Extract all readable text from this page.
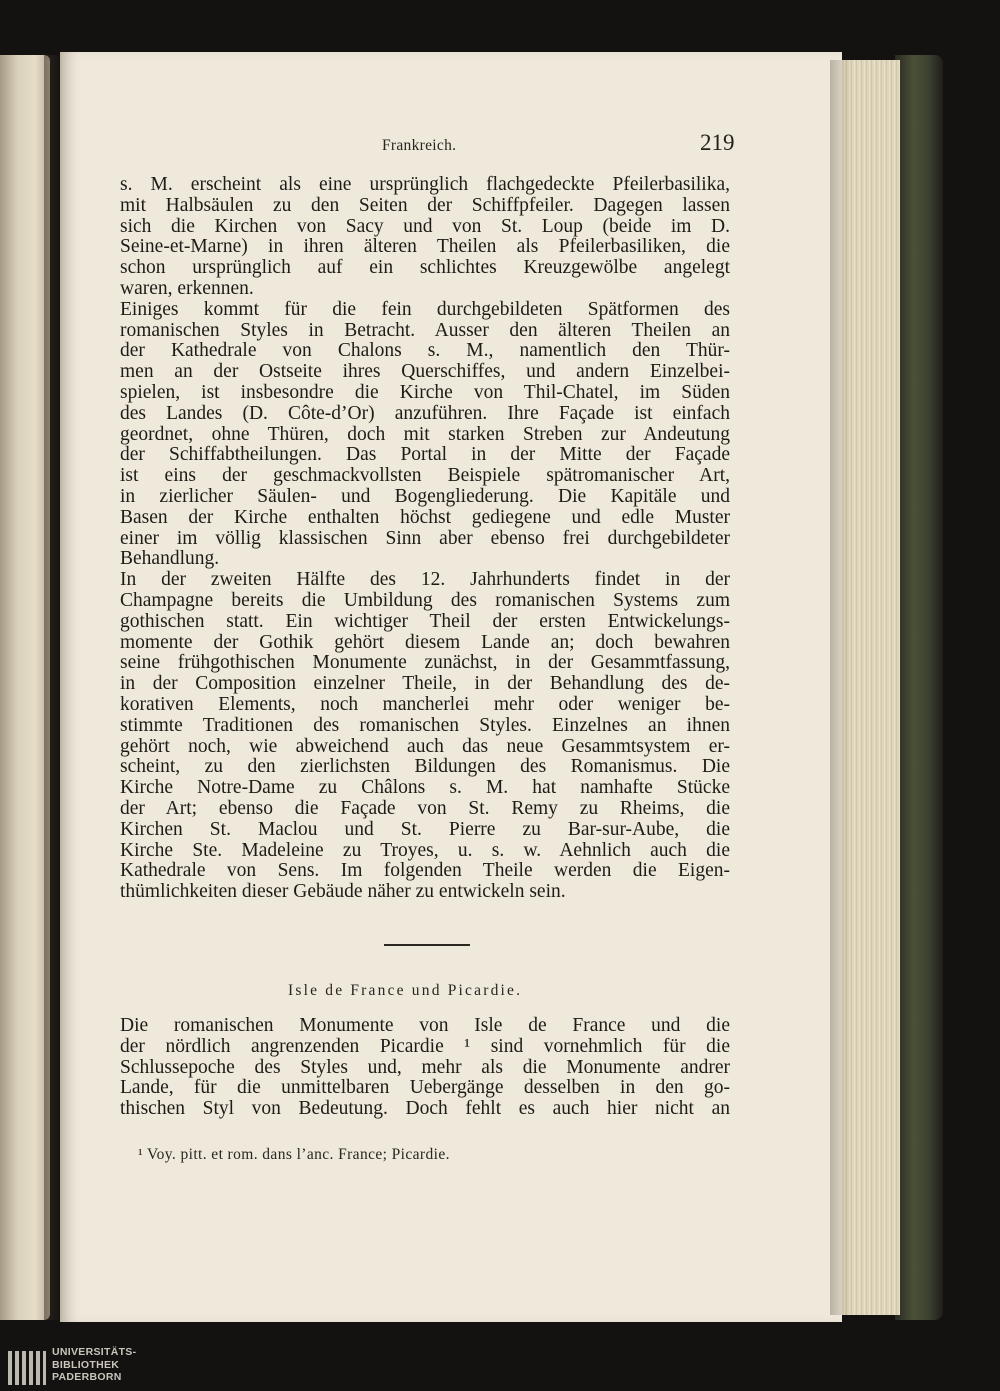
Frankreich.	219
s. M. erscheint als eine ursprünglich flachgedeckte Pfeilerbasilika,
mit Halbsäulen zu den Seiten der Schiffpfeiler. Dagegen lassen
sich die Kirchen von Sacy und von St. Loup (beide im D.
Seine-et-Marne) in ihren älteren Theilen als Pfeilerbasiliken, die
schon ursprünglich auf ein schlichtes Kreuzgewölbe angelegt
waren, erkennen.
Einiges kommt für die fein durchgebildeten Spätformen des
romanischen Styles in Betracht. Ausser den älteren Theilen an
der Kathedrale von Chalons s. M., namentlich den Thür-
men an der Ostseite ihres Querschiffes, und andern Einzelbei-
spielen, ist insbesondre die Kirche von Thil-Chatel, im Süden
des Landes (D. Côte-d’Or) anzuführen. Ihre Façade ist einfach
geordnet, ohne Thüren, doch mit starken Streben zur Andeutung
der Schiffabtheilungen. Das Portal in der Mitte der Façade
ist eins der geschmackvollsten Beispiele spätromanischer Art,
in zierlicher Säulen- und Bogengliederung. Die Kapitäle und
Basen der Kirche enthalten höchst gediegene und edle Muster
einer im völlig klassischen Sinn aber ebenso frei durchgebildeter
Behandlung.
In der zweiten Hälfte des 12. Jahrhunderts findet in der
Champagne bereits die Umbildung des romanischen Systems zum
gothischen statt. Ein wichtiger Theil der ersten Entwickelungs-
momente der Gothik gehört diesem Lande an; doch bewahren
seine frühgothischen Monumente zunächst, in der Gesammtfassung,
in der Composition einzelner Theile, in der Behandlung des de-
korativen Elements, noch mancherlei mehr oder weniger be-
stimmte Traditionen des romanischen Styles. Einzelnes an ihnen
gehört noch, wie abweichend auch das neue Gesammtsystem er-
scheint, zu den zierlichsten Bildungen des Romanismus. Die
Kirche Notre-Dame zu Châlons s. M. hat namhafte Stücke
der Art; ebenso die Façade von St. Remy zu Rheims, die
Kirchen St. Maclou und St. Pierre zu Bar-sur-Aube, die
Kirche Ste. Madeleine zu Troyes, u. s. w. Aehnlich auch die
Kathedrale von Sens. Im folgenden Theile werden die Eigen-
thümlichkeiten dieser Gebäude näher zu entwickeln sein.
Isle de France und Picardie.
Die romanischen Monumente von Isle de France und die
der nördlich angrenzenden Picardie ¹ sind vornehmlich für die
Schlussepoche des Styles und, mehr als die Monumente andrer
Lande, für die unmittelbaren Uebergänge desselben in den go-
thischen Styl von Bedeutung. Doch fehlt es auch hier nicht an
¹ Voy. pitt. et rom. dans l’anc. France; Picardie.
UNIVERSITÄTS-
BIBLIOTHEK
PADERBORN
